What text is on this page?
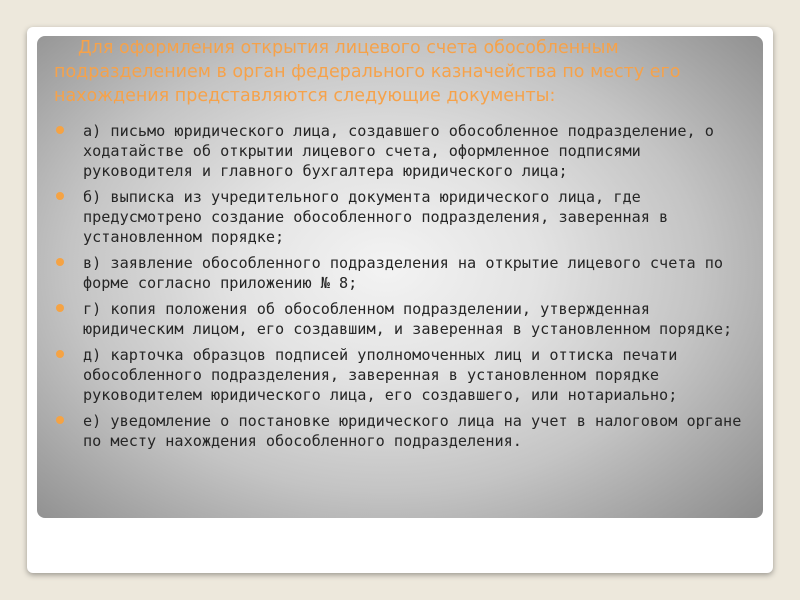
Для оформления открытия лицевого счета обособленным подразделением в орган федерального казначейства по месту его нахождения представляются следующие документы:
а) письмо юридического лица, создавшего обособленное подразделение, о ходатайстве об открытии лицевого счета, оформленное подписями руководителя и главного бухгалтера юридического лица;
б) выписка из учредительного документа юридического лица, где предусмотрено создание обособленного подразделения, заверенная в установленном порядке;
в) заявление обособленного подразделения на открытие лицевого счета по форме согласно приложению № 8;
г) копия положения об обособленном подразделении, утвержденная юридическим лицом, его создавшим, и заверенная в установленном порядке;
д) карточка образцов подписей уполномоченных лиц и оттиска печати обособленного подразделения, заверенная в установленном порядке руководителем юридического лица, его создавшего, или нотариально;
е) уведомление о постановке юридического лица на учет в налоговом органе по месту нахождения обособленного подразделения.
